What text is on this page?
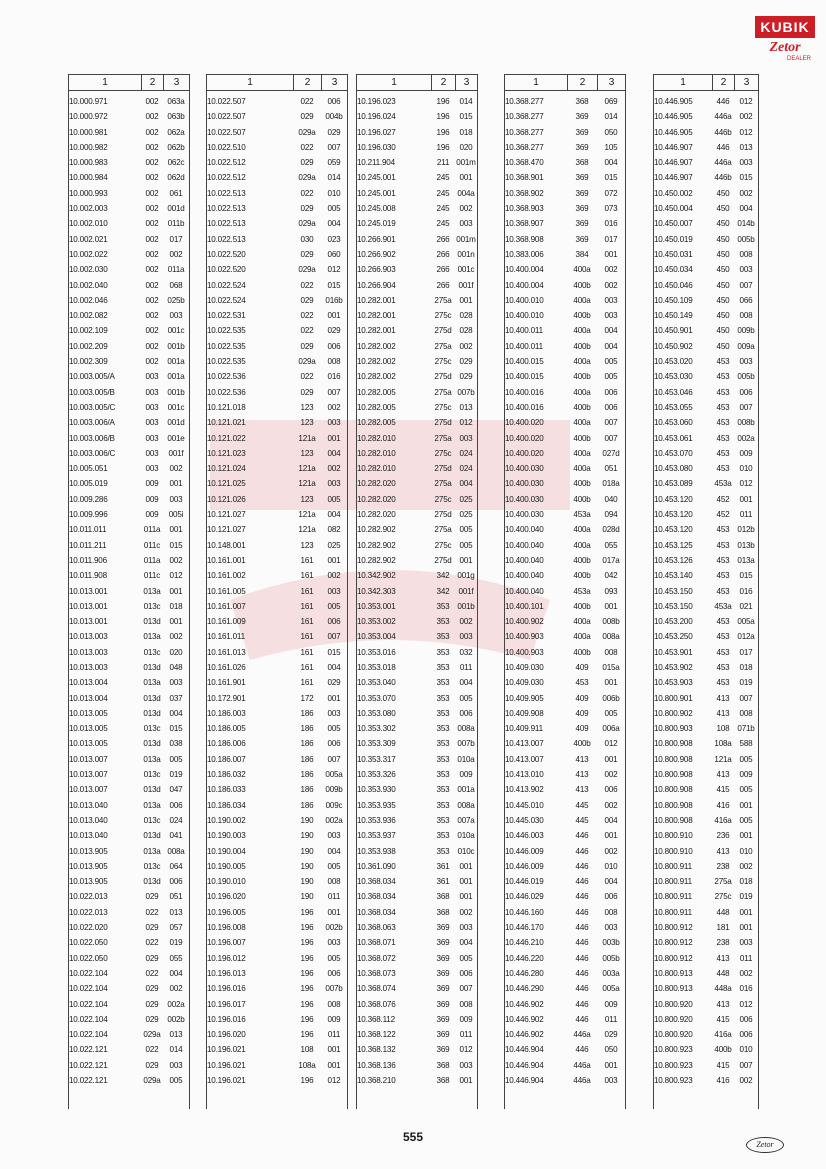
KUBIK
Zetor
DEALER
1	2	3
10.000.971	002	063a
10.000.972	002	063b
10.000.981	002	062a
10.000.982	002	062b
10.000.983	002	062c
10.000.984	002	062d
10.000.993	002	061
10.002.003	002	001d
10.002.010	002	011b
10.002.021	002	017
10.002.022	002	002
10.002.030	002	011a
10.002.040	002	068
10.002.046	002	025b
10.002.082	002	003
10.002.109	002	001c
10.002.209	002	001b
10.002.309	002	001a
10.003.005/A	003	001a
10.003.005/B	003	001b
10.003.005/C	003	001c
10.003.006/A	003	001d
10.003.006/B	003	001e
10.003.006/C	003	001f
10.005.051	003	002
10.005.019	009	001
10.009.286	009	003
10.009.996	009	005i
10.011.011	011a	001
10.011.211	011c	015
10.011.906	011a	002
10.011.908	011c	012
10.013.001	013a	001
10.013.001	013c	018
10.013.001	013d	001
10.013.003	013a	002
10.013.003	013c	020
10.013.003	013d	048
10.013.004	013a	003
10.013.004	013d	037
10.013.005	013d	004
10.013.005	013c	015
10.013.005	013d	038
10.013.007	013a	005
10.013.007	013c	019
10.013.007	013d	047
10.013.040	013a	006
10.013.040	013c	024
10.013.040	013d	041
10.013.905	013a 008a
10.013.905	013c	064
10.013.905	013d	006
10.022.013	029	051
10.022.013	022	013
10.022.020	029	057
10.022.050	022	019
10.022.050	029	055
10.022.104	022	004
10.022.104	029	002
10.022.104	029	002a
10.022.104	029	002b
10.022.104	029a	013
10.022.121	022	014
10.022.121	029	003
10.022.121	029a	005
1	2	3
10.022.507	022	006
10.022.507	029	004b
10.022.507	029a	029
10.022.510	022	007
10.022.512	029	059
10.022.512	029a	014
10.022.513	022	010
10.022.513	029	005
10.022.513	029a	004
10.022.513	030	023
10.022.520	029	060
10.022.520	029a	012
10.022.524	022	015
10.022.524	029	016b
10.022.531	022	001
10.022.535	022	029
10.022.535	029	006
10.022.535	029a	008
10.022.536	022	016
10.022.536	029	007
10.121.018	123	002
10.121.021	123	003
10.121.022	121a	001
10.121.023	123	004
10.121.024	121a	002
10.121.025	121a	003
10.121.026	123	005
10.121.027	121a	004
10.121.027	121a	082
10.148.001	123	025
10.161.001	161	001
10.161.002	161	002
10.161.005	161	003
10.161.007	161	005
10.161.009	161	006
10.161.011	161	007
10.161.013	161	015
10.161.026	161	004
10.161.901	161	029
10.172.901	172	001
10.186.003	186	003
10.186.005	186	005
10.186.006	186	006
10.186.007	186	007
10.186.032	186	005a
10.186.033	186	009b
10.186.034	186	009c
10.190.002	190	002a
10.190.003	190	003
10.190.004	190	004
10.190.005	190	005
10.190.010	190	008
10.196.020	190	011
10.196.005	196	001
10.196.008	196	002b
10.196.007	196	003
10.196.012	196	005
10.196.013	196	006
10.196.016	196	007b
10.196.017	196	008
10.196.016	196	009
10.196.020	196	011
10.196.021	108	001
10.196.021	108a	001
10.196.021	196	012
1	2	3
10.196.023	196	014
10.196.024	196	015
10.196.027	196	018
10.196.030	196	020
10.211.904	211 001m
10.245.001	245	001
10.245.001	245 004a
10.245.008	245	002
10.245.019	245	003
10.266.901	266 001m
10.266.902	266 001n
10.266.903	266	001c
10.266.904	266	001f
10.282.001	275a 001
10.282.001	275c	028
10.282.001	275d 028
10.282.002	275a 002
10.282.002	275c	029
10.282.002	275d 029
10.282.005	275a 007b
10.282.005	275c	013
10.282.005	275d 012
10.282.010	275a 003
10.282.010	275c	024
10.282.010	275d 024
10.282.020	275a 004
10.282.020	275c	025
10.282.020	275d 025
10.282.902	275a 005
10.282.902	275c	005
10.282.902	275d 001
10.342.902	342 001g
10.342.303	342	001f
10.353.001	353 001b
10.353.002	353	002
10.353.004	353	003
10.353.016	353	032
10.353.018	353	011
10.353.040	353	004
10.353.070	353	005
10.353.080	353	006
10.353.302	353 008a
10.353.309	353 007b
10.353.317	353 010a
10.353.326	353	009
10.353.930	353 001a
10.353.935	353 008a
10.353.936	353 007a
10.353.937	353 010a
10.353.938	353	010c
10.361.090	361	001
10.368.034	361	001
10.368.034	368	001
10.368.034	368	002
10.368.063	369	003
10.368.071	369	004
10.368.072	369	005
10.368.073	369	006
10.368.074	369	007
10.368.076	369	008
10.368.112	369	009
10.368.122	369	011
10.368.132	369	012
10.368.136	368	003
10.368.210	368	001
1	2	3
10.368.277	368	069
10.368.277	369	014
10.368.277	369	050
10.368.277	369	105
10.368.470	368	004
10.368.901	369	015
10.368.902	369	072
10.368.903	369	073
10.368.907	369	016
10.368.908	369	017
10.383.006	384	001
10.400.004	400a	002
10.400.004	400b	002
10.400.010	400a	003
10.400.010	400b	003
10.400.011	400a	004
10.400.011	400b	004
10.400.015	400a	005
10.400.015	400b	005
10.400.016	400a	006
10.400.016	400b	006
10.400.020	400a	007
10.400.020	400b	007
10.400.020	400a	027d
10.400.030	400a	051
10.400.030	400b	018a
10.400.030	400b	040
10.400.030	453a	094
10.400.040	400a	028d
10.400.040	400a	055
10.400.040	400b	017a
10.400.040	400b	042
10.400.040	453a	093
10.400.101	400b	001
10.400.902	400a	008b
10.400.903	400a	008a
10.400.903	400b	008
10.409.030	409	015a
10.409.030	453	001
10.409.905	409	006b
10.409.908	409	005
10.409.911	409	006a
10.413.007	400b	012
10.413.007	413	001
10.413.010	413	002
10.413.902	413	006
10.445.010	445	002
10.445.030	445	004
10.446.003	446	001
10.446.009	446	002
10.446.009	446	010
10.446.019	446	004
10.446.029	446	006
10.446.160	446	008
10.446.170	446	003
10.446.210	446	003b
10.446.220	446	005b
10.446.280	446	003a
10.446.290	446	005a
10.446.902	446	009
10.446.902	446	011
10.446.902	446a	029
10.446.904	446	050
10.446.904	446a	001
10.446.904	446a	003
1	2	3
10.446.905	446	012
10.446.905	446a 002
10.446.905	446b 012
10.446.907	446	013
10.446.907	446a 003
10.446.907	446b 015
10.450.002	450	002
10.450.004	450	004
10.450.007	450 014b
10.450.019	450 005b
10.450.031	450	008
10.450.034	450	003
10.450.046	450	007
10.450.109	450	066
10.450.149	450	008
10.450.901	450 009b
10.450.902	450 009a
10.453.020	453	003
10.453.030	453 005b
10.453.046	453	006
10.453.055	453	007
10.453.060	453 008b
10.453.061	453 002a
10.453.070	453	009
10.453.080	453	010
10.453.089	453a 012
10.453.120	452	001
10.453.120	452	011
10.453.120	453 012b
10.453.125	453 013b
10.453.126	453 013a
10.453.140	453	015
10.453.150	453	016
10.453.150	453a 021
10.453.200	453 005a
10.453.250	453 012a
10.453.901	453	017
10.453.902	453	018
10.453.903	453	019
10.800.901	413	007
10.800.902	413	008
10.800.903	108 071b
10.800.908	108a 588
10.800.908	121a 005
10.800.908	413	009
10.800.908	415	005
10.800.908	416	001
10.800.908	416a 005
10.800.910	236	001
10.800.910	413	010
10.800.911	238	002
10.800.911	275a 018
10.800.911	275c	019
10.800.911	448	001
10.800.912	181	001
10.800.912	238	003
10.800.912	413	011
10.800.913	448	002
10.800.913	448a 016
10.800.920	413	012
10.800.920	415	006
10.800.920	416a 006
10.800.923	400b 010
10.800.923	415	007
10.800.923	416	002
555
Zetor
